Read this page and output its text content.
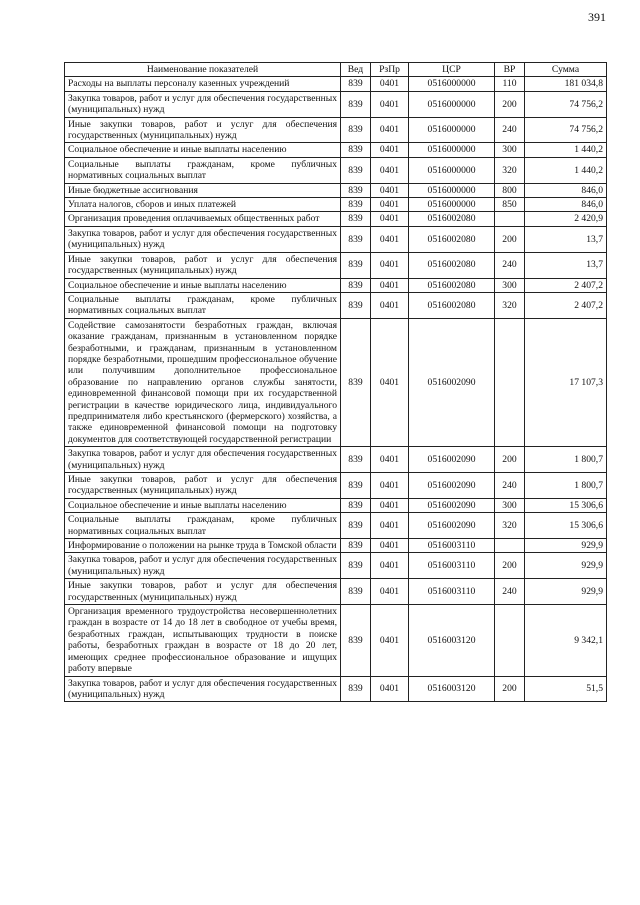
391
Наименование показателей	Вед	РзПр	ЦСР	ВР	Сумма
Расходы на выплаты персоналу казенных учреждений	839	0401	0516000000	110	181 034,8
Закупка товаров, работ и услуг для обеспечения государственных (муниципальных) нужд	839	0401	0516000000	200	74 756,2
Иные закупки товаров, работ и услуг для обеспечения государственных (муниципальных) нужд	839	0401	0516000000	240	74 756,2
Социальное обеспечение и иные выплаты населению	839	0401	0516000000	300	1 440,2
Социальные выплаты гражданам, кроме публичных нормативных социальных выплат	839	0401	0516000000	320	1 440,2
Иные бюджетные ассигнования	839	0401	0516000000	800	846,0
Уплата налогов, сборов и иных платежей	839	0401	0516000000	850	846,0
Организация проведения оплачиваемых общественных работ	839	0401	0516002080		2 420,9
Закупка товаров, работ и услуг для обеспечения государственных (муниципальных) нужд	839	0401	0516002080	200	13,7
Иные закупки товаров, работ и услуг для обеспечения государственных (муниципальных) нужд	839	0401	0516002080	240	13,7
Социальное обеспечение и иные выплаты населению	839	0401	0516002080	300	2 407,2
Социальные выплаты гражданам, кроме публичных нормативных социальных выплат	839	0401	0516002080	320	2 407,2
Содействие самозанятости безработных граждан, включая оказание гражданам, признанным в установленном порядке безработными, и гражданам, признанным в установленном порядке безработными, прошедшим профессиональное обучение или получившим дополнительное профессиональное образование по направлению органов службы занятости, единовременной финансовой помощи при их государственной регистрации в качестве юридического лица, индивидуального предпринимателя либо крестьянского (фермерского) хозяйства, а также единовременной финансовой помощи на подготовку документов для соответствующей государственной регистрации	839	0401	0516002090		17 107,3
Закупка товаров, работ и услуг для обеспечения государственных (муниципальных) нужд	839	0401	0516002090	200	1 800,7
Иные закупки товаров, работ и услуг для обеспечения государственных (муниципальных) нужд	839	0401	0516002090	240	1 800,7
Социальное обеспечение и иные выплаты населению	839	0401	0516002090	300	15 306,6
Социальные выплаты гражданам, кроме публичных нормативных социальных выплат	839	0401	0516002090	320	15 306,6
Информирование о положении на рынке труда в Томской области	839	0401	0516003110		929,9
Закупка товаров, работ и услуг для обеспечения государственных (муниципальных) нужд	839	0401	0516003110	200	929,9
Иные закупки товаров, работ и услуг для обеспечения государственных (муниципальных) нужд	839	0401	0516003110	240	929,9
Организация временного трудоустройства несовершеннолетних граждан в возрасте от 14 до 18 лет в свободное от учебы время, безработных граждан, испытывающих трудности в поиске работы, безработных граждан в возрасте от 18 до 20 лет, имеющих среднее профессиональное образование и ищущих работу впервые	839	0401	0516003120		9 342,1
Закупка товаров, работ и услуг для обеспечения государственных (муниципальных) нужд	839	0401	0516003120	200	51,5
